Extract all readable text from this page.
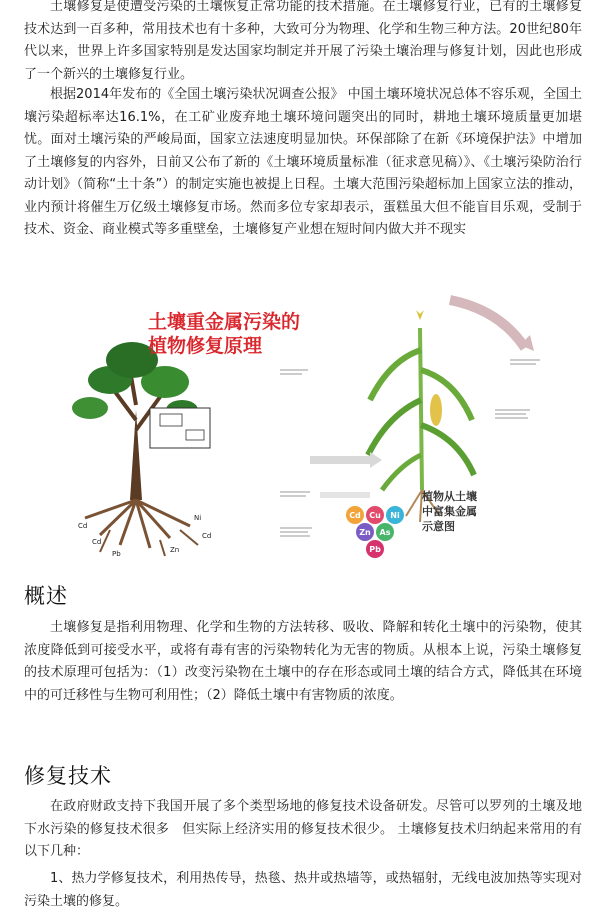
土壤修复是使遭受污染的土壤恢复正常功能的技术措施。在土壤修复行业，已有的土壤修复技术达到一百多种，常用技术也有十多种，大致可分为物理、化学和生物三种方法。20世纪80年代以来，世界上许多国家特别是发达国家均制定并开展了污染土壤治理与修复计划，因此也形成了一个新兴的土壤修复行业。

根据2014年发布的《全国土壤污染状况调查公报》 中国土壤环境状况总体不容乐观，全国土壤污染超标率达16.1%，在工矿业废弃地土壤环境问题突出的同时，耕地土壤环境质量更加堪忧。面对土壤污染的严峻局面，国家立法速度明显加快。环保部除了在新《环境保护法》中增加了土壤修复的内容外，日前又公布了新的《土壤环境质量标准（征求意见稿）》、《土壤污染防治行动计划》（简称“土十条”）的制定实施也被提上日程。土壤大范围污染超标加上国家立法的推动，业内预计将催生万亿级土壤修复市场。然而多位专家却表示，蛋糕虽大但不能盲目乐观，受制于技术、资金、商业模式等多重壁垒，土壤修复产业想在短时间内做大并不现实

Cd
Cd
Pb
Ni
Cd
Zn
土壤重金属污染的
植物修复原理
植物从土壤
中富集金属
示意图
Cd Cu Ni
Zn As
Pb
概述

土壤修复是指利用物理、化学和生物的方法转移、吸收、降解和转化土壤中的污染物，使其浓度降低到可接受水平，或将有毒有害的污染物转化为无害的物质。从根本上说，污染土壤修复的技术原理可包括为：（1）改变污染物在土壤中的存在形态或同土壤的结合方式，降低其在环境中的可迁移性与生物可利用性；（2）降低土壤中有害物质的浓度。

修复技术

在政府财政支持下我国开展了多个类型场地的修复技术设备研发。尽管可以罗列的土壤及地下水污染的修复技术很多　但实际上经济实用的修复技术很少。 土壤修复技术归纳起来常用的有以下几种：

1、热力学修复技术，利用热传导，热毯、热井或热墙等，或热辐射，无线电波加热等实现对污染土壤的修复。
